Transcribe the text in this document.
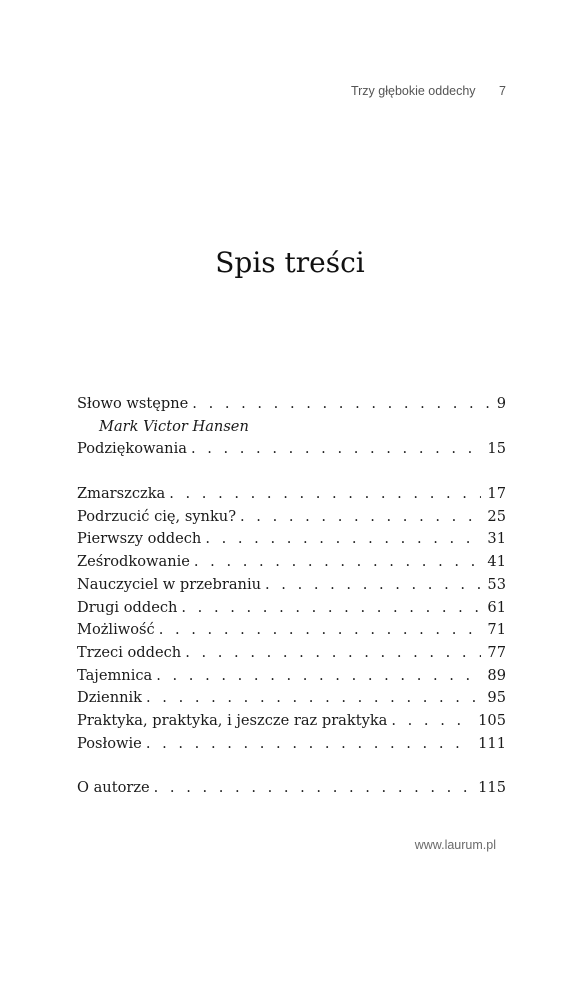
Trzy głębokie oddechy 7
Spis treści
Słowo wstępne . . .	9
Mark Victor Hansen
Podziękowania . . .	15
Zmarszczka . . .	17
Podrzucić cię, synku? . . .	25
Pierwszy oddech . . .	31
Ześrodkowanie . . .	41
Nauczyciel w przebraniu . . .	53
Drugi oddech . . .	61
Możliwość . . .	71
Trzeci oddech . . .	77
Tajemnica . . .	89
Dziennik . . .	95
Praktyka, praktyka, i jeszcze raz praktyka . . .	105
Posłowie . . .	111
O autorze . . .	115
www.laurum.pl
